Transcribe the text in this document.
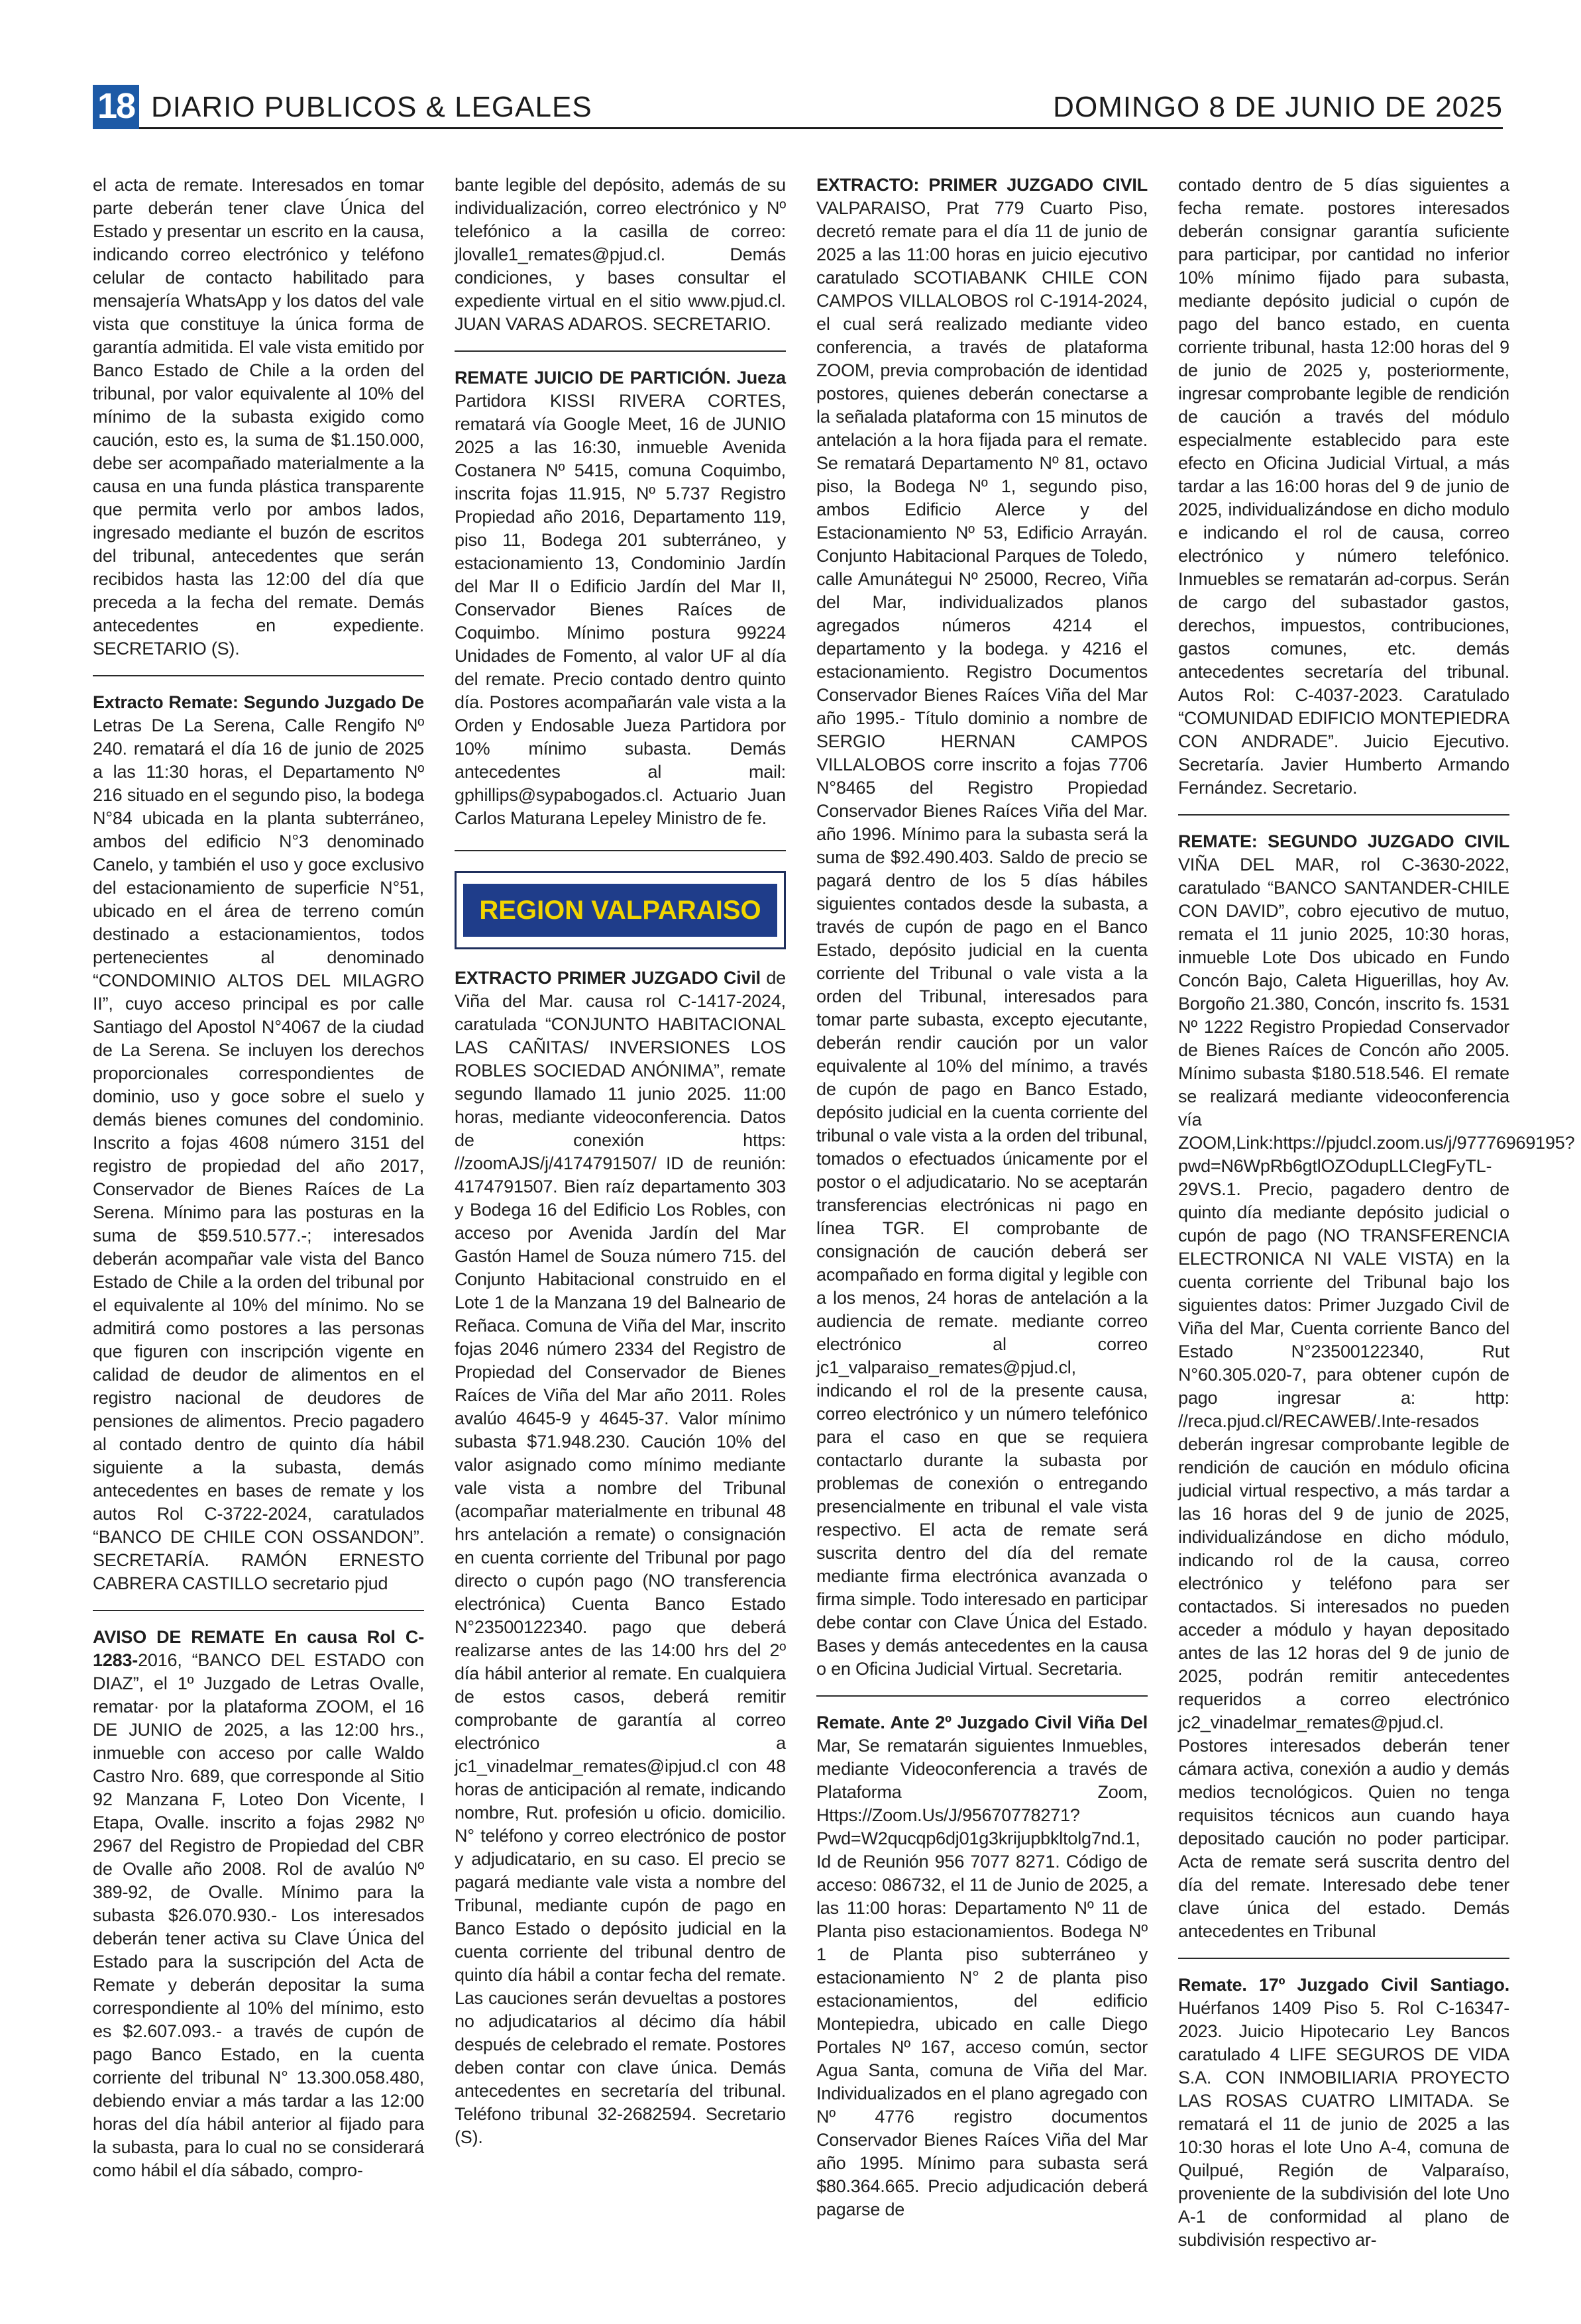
18 DIARIO PUBLICOS & LEGALES	DOMINGO 8 DE JUNIO DE 2025

el acta de remate. Interesados en tomar parte deberán tener clave Única del Estado y presentar un escrito en la causa, indicando correo electrónico y teléfono celular de contacto habilitado para mensajería WhatsApp y los datos del vale vista que constituye la única forma de garantía admitida. El vale vista emitido por Banco Estado de Chile a la orden del tribunal, por valor equivalente al 10% del mínimo de la subasta exigido como caución, esto es, la suma de $1.150.000, debe ser acompañado materialmente a la causa en una funda plástica transparente que permita verlo por ambos lados, ingresado mediante el buzón de escritos del tribunal, antecedentes que serán recibidos hasta las 12:00 del día que preceda a la fecha del remate. Demás antecedentes en expediente. SECRETARIO (S).

Extracto Remate: Segundo Juzgado De Letras De La Serena, Calle Rengifo Nº 240. rematará el día 16 de junio de 2025 a las 11:30 horas, el Departamento Nº 216 situado en el segundo piso, la bodega N°84 ubicada en la planta subterráneo, ambos del edificio N°3 denominado Canelo, y también el uso y goce exclusivo del estacionamiento de superficie N°51, ubicado en el área de terreno común destinado a estacionamientos, todos pertenecientes al denominado “CONDOMINIO ALTOS DEL MILAGRO II”, cuyo acceso principal es por calle Santiago del Apostol N°4067 de la ciudad de La Serena. Se incluyen los derechos proporcionales correspondientes de dominio, uso y goce sobre el suelo y demás bienes comunes del condominio. Inscrito a fojas 4608 número 3151 del registro de propiedad del año 2017, Conservador de Bienes Raíces de La Serena. Mínimo para las posturas en la suma de $59.510.577.-; interesados deberán acompañar vale vista del Banco Estado de Chile a la orden del tribunal por el equivalente al 10% del mínimo. No se admitirá como postores a las personas que figuren con inscripción vigente en calidad de deudor de alimentos en el registro nacional de deudores de pensiones de alimentos. Precio pagadero al contado dentro de quinto día hábil siguiente a la subasta, demás antecedentes en bases de remate y los autos Rol C-3722-2024, caratulados “BANCO DE CHILE CON OSSANDON”. SECRETARÍA. RAMÓN ERNESTO CABRERA CASTILLO secretario pjud

AVISO DE REMATE En causa Rol C-1283-2016, “BANCO DEL ESTADO con DIAZ”, el 1º Juzgado de Letras Ovalle, rematar· por la plataforma ZOOM, el 16 DE JUNIO de 2025, a las 12:00 hrs., inmueble con acceso por calle Waldo Castro Nro. 689, que corresponde al Sitio 92 Manzana F, Loteo Don Vicente, I Etapa, Ovalle. inscrito a fojas 2982 Nº 2967 del Registro de Propiedad del CBR de Ovalle año 2008. Rol de avalúo Nº 389-92, de Ovalle. Mínimo para la subasta $26.070.930.- Los interesados deberán tener activa su Clave Única del Estado para la suscripción del Acta de Remate y deberán depositar la suma correspondiente al 10% del mínimo, esto es $2.607.093.- a través de cupón de pago Banco Estado, en la cuenta corriente del tribunal N° 13.300.058.480, debiendo enviar a más tardar a las 12:00 horas del día hábil anterior al fijado para la subasta, para lo cual no se considerará como hábil el día sábado, compro-

bante legible del depósito, además de su individualización, correo electrónico y Nº telefónico a la casilla de correo: jlovalle1_remates@pjud.cl. Demás condiciones, y bases consultar el expediente virtual en el sitio www.pjud.cl. JUAN VARAS ADAROS. SECRETARIO.

REMATE JUICIO DE PARTICIÓN. Jueza Partidora KISSI RIVERA CORTES, rematará vía Google Meet, 16 de JUNIO 2025 a las 16:30, inmueble Avenida Costanera Nº 5415, comuna Coquimbo, inscrita fojas 11.915, Nº 5.737 Registro Propiedad año 2016, Departamento 119, piso 11, Bodega 201 subterráneo, y estacionamiento 13, Condominio Jardín del Mar II o Edificio Jardín del Mar II, Conservador Bienes Raíces de Coquimbo. Mínimo postura 99224 Unidades de Fomento, al valor UF al día del remate. Precio contado dentro quinto día. Postores acompañarán vale vista a la Orden y Endosable Jueza Partidora por 10% mínimo subasta. Demás antecedentes al mail: gphillips@sypabogados.cl. Actuario Juan Carlos Maturana Lepeley Ministro de fe.

REGION VALPARAISO

EXTRACTO PRIMER JUZGADO Civil de Viña del Mar. causa rol C-1417-2024, caratulada “CONJUNTO HABITACIONAL LAS CAÑITAS/ INVERSIONES LOS ROBLES SOCIEDAD ANÓNIMA”, remate segundo llamado 11 junio 2025. 11:00 horas, mediante videoconferencia. Datos de conexión https: //zoomAJS/j/4174791507/ ID de reunión: 4174791507. Bien raíz departamento 303 y Bodega 16 del Edificio Los Robles, con acceso por Avenida Jardín del Mar Gastón Hamel de Souza número 715. del Conjunto Habitacional construido en el Lote 1 de la Manzana 19 del Balneario de Reñaca. Comuna de Viña del Mar, inscrito fojas 2046 número 2334 del Registro de Propiedad del Conservador de Bienes Raíces de Viña del Mar año 2011. Roles avalúo 4645-9 y 4645-37. Valor mínimo subasta $71.948.230. Caución 10% del valor asignado como mínimo mediante vale vista a nombre del Tribunal (acompañar materialmente en tribunal 48 hrs antelación a remate) o consignación en cuenta corriente del Tribunal por pago directo o cupón pago (NO transferencia electrónica) Cuenta Banco Estado N°23500122340. pago que deberá realizarse antes de las 14:00 hrs del 2º día hábil anterior al remate. En cualquiera de estos casos, deberá remitir comprobante de garantía al correo electrónico a jc1_vinadelmar_remates@ipjud.cl con 48 horas de anticipación al remate, indicando nombre, Rut. profesión u oficio. domicilio. N° teléfono y correo electrónico de postor y adjudicatario, en su caso. El precio se pagará mediante vale vista a nombre del Tribunal, mediante cupón de pago en Banco Estado o depósito judicial en la cuenta corriente del tribunal dentro de quinto día hábil a contar fecha del remate. Las cauciones serán devueltas a postores no adjudicatarios al décimo día hábil después de celebrado el remate. Postores deben contar con clave única. Demás antecedentes en secretaría del tribunal. Teléfono tribunal 32-2682594. Secretario (S).

EXTRACTO: PRIMER JUZGADO CIVIL VALPARAISO, Prat 779 Cuarto Piso, decretó remate para el día 11 de junio de 2025 a las 11:00 horas en juicio ejecutivo caratulado SCOTIABANK CHILE CON CAMPOS VILLALOBOS rol C-1914-2024, el cual será realizado mediante video conferencia, a través de plataforma ZOOM, previa comprobación de identidad postores, quienes deberán conectarse a la señalada plataforma con 15 minutos de antelación a la hora fijada para el remate. Se rematará Departamento Nº 81, octavo piso, la Bodega Nº 1, segundo piso, ambos Edificio Alerce y del Estacionamiento Nº 53, Edificio Arrayán. Conjunto Habitacional Parques de Toledo, calle Amunátegui Nº 25000, Recreo, Viña del Mar, individualizados planos agregados números 4214 el departamento y la bodega. y 4216 el estacionamiento. Registro Documentos Conservador Bienes Raíces Viña del Mar año 1995.- Título dominio a nombre de SERGIO HERNAN CAMPOS VILLALOBOS corre inscrito a fojas 7706 N°8465 del Registro Propiedad Conservador Bienes Raíces Viña del Mar. año 1996. Mínimo para la subasta será la suma de $92.490.403. Saldo de precio se pagará dentro de los 5 días hábiles siguientes contados desde la subasta, a través de cupón de pago en el Banco Estado, depósito judicial en la cuenta corriente del Tribunal o vale vista a la orden del Tribunal, interesados para tomar parte subasta, excepto ejecutante, deberán rendir caución por un valor equivalente al 10% del mínimo, a través de cupón de pago en Banco Estado, depósito judicial en la cuenta corriente del tribunal o vale vista a la orden del tribunal, tomados o efectuados únicamente por el postor o el adjudicatario. No se aceptarán transferencias electrónicas ni pago en línea TGR. El comprobante de consignación de caución deberá ser acompañado en forma digital y legible con a los menos, 24 horas de antelación a la audiencia de remate. mediante correo electrónico al correo jc1_valparaiso_remates@pjud.cl, indicando el rol de la presente causa, correo electrónico y un número telefónico para el caso en que se requiera contactarlo durante la subasta por problemas de conexión o entregando presencialmente en tribunal el vale vista respectivo. El acta de remate será suscrita dentro del día del remate mediante firma electrónica avanzada o firma simple. Todo interesado en participar debe contar con Clave Única del Estado. Bases y demás antecedentes en la causa o en Oficina Judicial Virtual. Secretaria.

Remate. Ante 2º Juzgado Civil Viña Del Mar, Se rematarán siguientes Inmuebles, mediante Videoconferencia a través de Plataforma Zoom, Https://Zoom.Us/J/95670778271?Pwd=W2qucqp6dj01g3krijupbkltolg7nd.1, Id de Reunión 956 7077 8271. Código de acceso: 086732, el 11 de Junio de 2025, a las 11:00 horas: Departamento Nº 11 de Planta piso estacionamientos. Bodega Nº 1 de Planta piso subterráneo y estacionamiento N° 2 de planta piso estacionamientos, del edificio Montepiedra, ubicado en calle Diego Portales Nº 167, acceso común, sector Agua Santa, comuna de Viña del Mar. Individualizados en el plano agregado con Nº 4776 registro documentos Conservador Bienes Raíces Viña del Mar año 1995. Mínimo para subasta será $80.364.665. Precio adjudicación deberá pagarse de

contado dentro de 5 días siguientes a fecha remate. postores interesados deberán consignar garantía suficiente para participar, por cantidad no inferior 10% mínimo fijado para subasta, mediante depósito judicial o cupón de pago del banco estado, en cuenta corriente tribunal, hasta 12:00 horas del 9 de junio de 2025 y, posteriormente, ingresar comprobante legible de rendición de caución a través del módulo especialmente establecido para este efecto en Oficina Judicial Virtual, a más tardar a las 16:00 horas del 9 de junio de 2025, individualizándose en dicho modulo e indicando el rol de causa, correo electrónico y número telefónico. Inmuebles se rematarán ad-corpus. Serán de cargo del subastador gastos, derechos, impuestos, contribuciones, gastos comunes, etc. demás antecedentes secretaría del tribunal. Autos Rol: C-4037-2023. Caratulado “COMUNIDAD EDIFICIO MONTEPIEDRA CON ANDRADE”. Juicio Ejecutivo. Secretaría. Javier Humberto Armando Fernández. Secretario.

REMATE: SEGUNDO JUZGADO CIVIL VIÑA DEL MAR, rol C-3630-2022, caratulado “BANCO SANTANDER-CHILE CON DAVID”, cobro ejecutivo de mutuo, remata el 11 junio 2025, 10:30 horas, inmueble Lote Dos ubicado en Fundo Concón Bajo, Caleta Higuerillas, hoy Av. Borgoño 21.380, Concón, inscrito fs. 1531 Nº 1222 Registro Propiedad Conservador de Bienes Raíces de Concón año 2005. Mínimo subasta $180.518.546. El remate se realizará mediante videoconferencia vía ZOOM,Link:https://pjudcl.zoom.us/j/97776969195?pwd=N6WpRb6gtlOZOdupLLCIegFyTL-29VS.1. Precio, pagadero dentro de quinto día mediante depósito judicial o cupón de pago (NO TRANSFERENCIA ELECTRONICA NI VALE VISTA) en la cuenta corriente del Tribunal bajo los siguientes datos: Primer Juzgado Civil de Viña del Mar, Cuenta corriente Banco del Estado N°23500122340, Rut N°60.305.020-7, para obtener cupón de pago ingresar a: http: //reca.pjud.cl/RECAWEB/.Inte-resados deberán ingresar comprobante legible de rendición de caución en módulo oficina judicial virtual respectivo, a más tardar a las 16 horas del 9 de junio de 2025, individualizándose en dicho módulo, indicando rol de la causa, correo electrónico y teléfono para ser contactados. Si interesados no pueden acceder a módulo y hayan depositado antes de las 12 horas del 9 de junio de 2025, podrán remitir antecedentes requeridos a correo electrónico jc2_vinadelmar_remates@pjud.cl. Postores interesados deberán tener cámara activa, conexión a audio y demás medios tecnológicos. Quien no tenga requisitos técnicos aun cuando haya depositado caución no poder participar. Acta de remate será suscrita dentro del día del remate. Interesado debe tener clave única del estado. Demás antecedentes en Tribunal

Remate. 17º Juzgado Civil Santiago. Huérfanos 1409 Piso 5. Rol C-16347-2023. Juicio Hipotecario Ley Bancos caratulado 4 LIFE SEGUROS DE VIDA S.A. CON INMOBILIARIA PROYECTO LAS ROSAS CUATRO LIMITADA. Se rematará el 11 de junio de 2025 a las 10:30 horas el lote Uno A-4, comuna de Quilpué, Región de Valparaíso, proveniente de la subdivisión del lote Uno A-1 de conformidad al plano de subdivisión respectivo ar-
